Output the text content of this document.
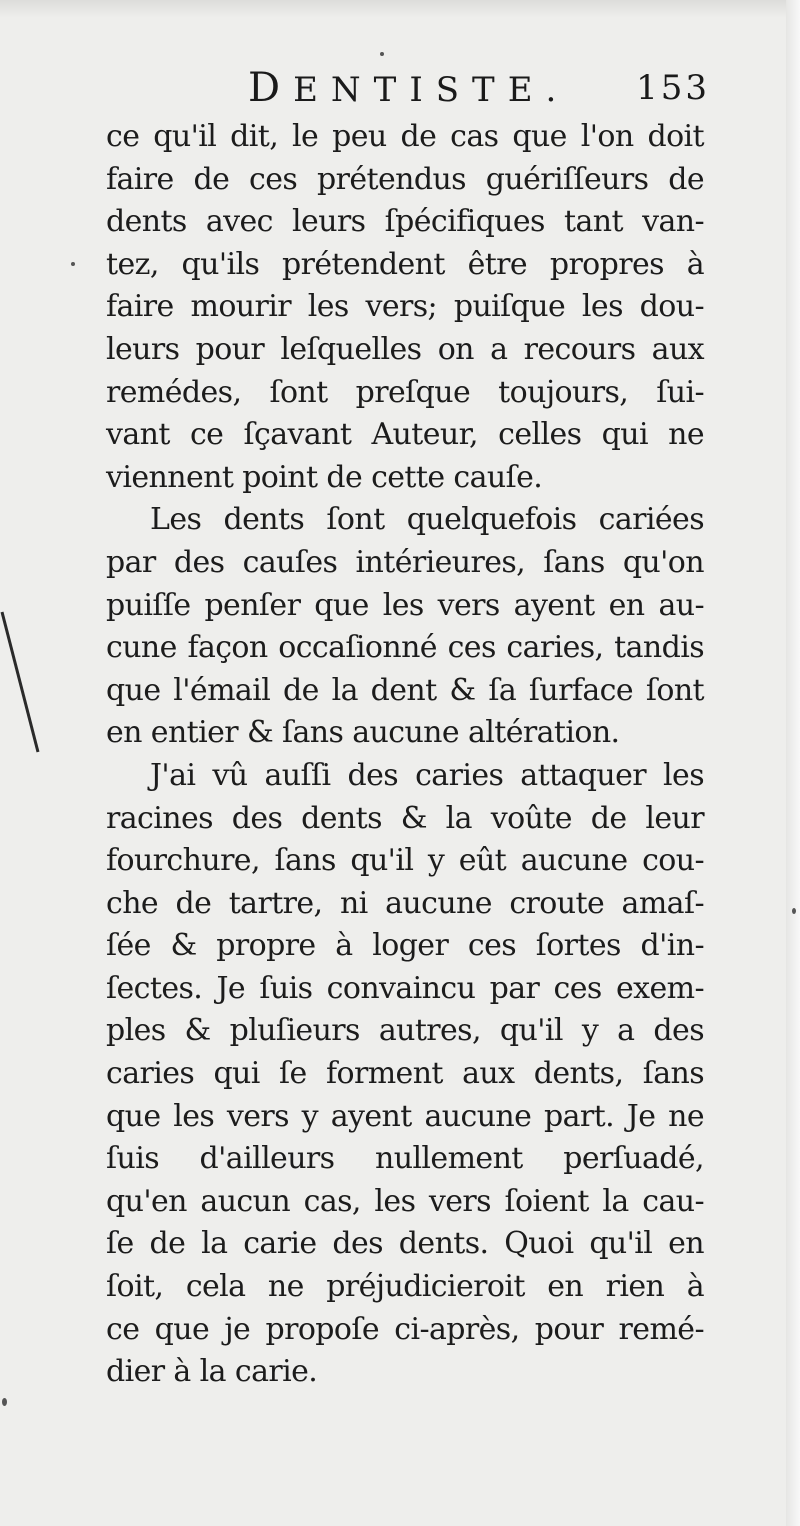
DENTISTE. 153
ce qu'il dit, le peu de cas que l'on doit
faire de ces prétendus guériſſeurs de
dents avec leurs ſpécifiques tant van-
tez, qu'ils prétendent être propres à
faire mourir les vers; puiſque les dou-
leurs pour leſquelles on a recours aux
remédes, ſont preſque toujours, ſui-
vant ce ſçavant Auteur, celles qui ne
viennent point de cette cauſe.
Les dents ſont quelquefois cariées
par des cauſes intérieures, ſans qu'on
puiſſe penſer que les vers ayent en au-
cune façon occaſionné ces caries, tandis
que l'émail de la dent & ſa ſurface ſont
en entier & ſans aucune altération.
J'ai vû auſſi des caries attaquer les
racines des dents & la voûte de leur
fourchure, ſans qu'il y eût aucune cou-
che de tartre, ni aucune croute amaſ-
ſée & propre à loger ces ſortes d'in-
ſectes. Je ſuis convaincu par ces exem-
ples & pluſieurs autres, qu'il y a des
caries qui ſe forment aux dents, ſans
que les vers y ayent aucune part. Je ne
ſuis d'ailleurs nullement perſuadé,
qu'en aucun cas, les vers ſoient la cau-
ſe de la carie des dents. Quoi qu'il en
ſoit, cela ne préjudicieroit en rien à
ce que je propoſe ci-après, pour remé-
dier à la carie.
